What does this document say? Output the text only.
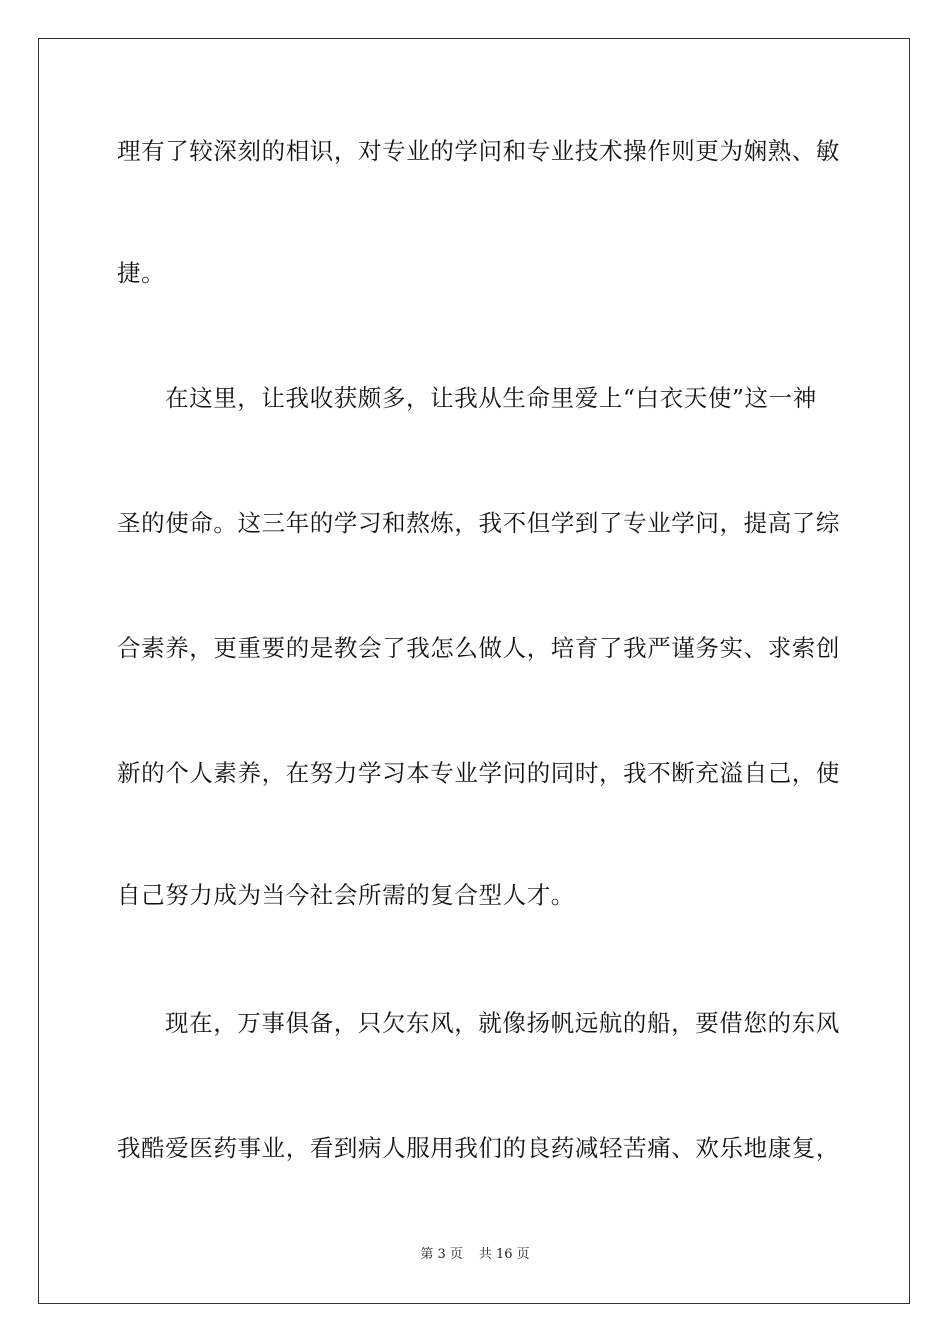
理有了较深刻的相识，对专业的学问和专业技术操作则更为娴熟、敏
捷。
在这里，让我收获颇多，让我从生命里爱上“白衣天使”这一神
圣的使命。这三年的学习和熬炼，我不但学到了专业学问，提高了综
合素养，更重要的是教会了我怎么做人，培育了我严谨务实、求索创
新的个人素养，在努力学习本专业学问的同时，我不断充溢自己，使
自己努力成为当今社会所需的复合型人才。
现在，万事俱备，只欠东风，就像扬帆远航的船，要借您的东风
我酷爱医药事业，看到病人服用我们的良药减轻苦痛、欢乐地康复，
第 3 页 共 16 页
